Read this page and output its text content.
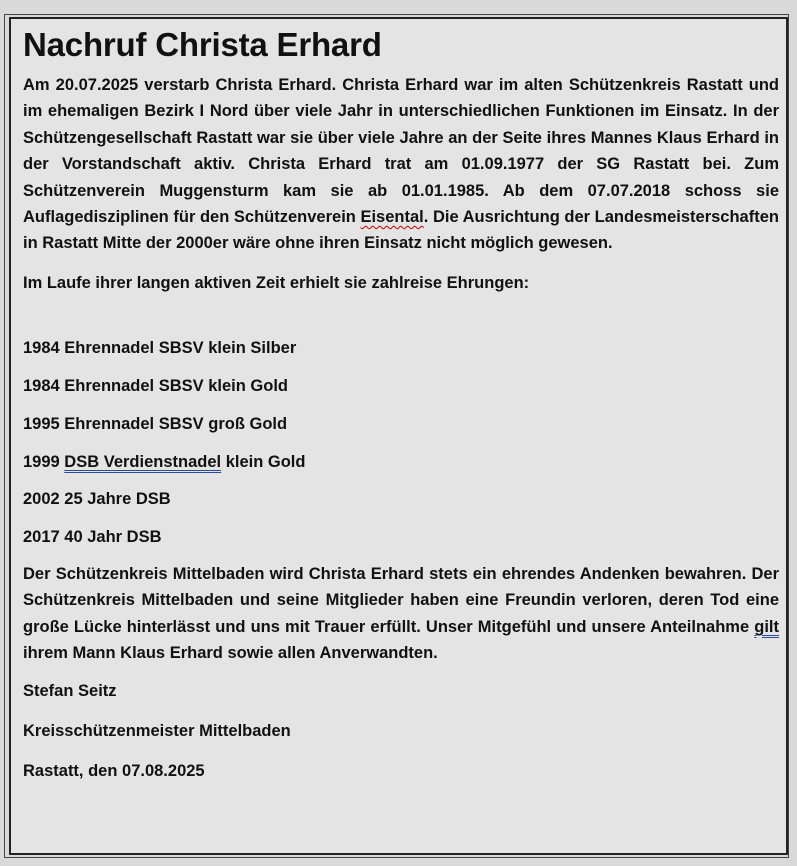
Nachruf Christa Erhard

Am 20.07.2025 verstarb Christa Erhard. Christa Erhard war im alten Schützenkreis Rastatt und im ehemaligen Bezirk I Nord über viele Jahr in unterschiedlichen Funktionen im Einsatz. In der Schützengesellschaft Rastatt war sie über viele Jahre an der Seite ihres Mannes Klaus Erhard in der Vorstandschaft aktiv. Christa Erhard trat am 01.09.1977 der SG Rastatt bei. Zum Schützenverein Muggensturm kam sie ab 01.01.1985. Ab dem 07.07.2018 schoss sie Auflagedisziplinen für den Schützenverein Eisental. Die Ausrichtung der Landesmeisterschaften in Rastatt Mitte der 2000er wäre ohne ihren Einsatz nicht möglich gewesen.

Im Laufe ihrer langen aktiven Zeit erhielt sie zahlreise Ehrungen:

1984 Ehrennadel SBSV klein Silber

1984 Ehrennadel SBSV klein Gold

1995 Ehrennadel SBSV groß Gold

1999 DSB Verdienstnadel klein Gold

2002 25 Jahre DSB

2017 40 Jahr DSB

Der Schützenkreis Mittelbaden wird Christa Erhard stets ein ehrendes Andenken bewahren. Der Schützenkreis Mittelbaden und seine Mitglieder haben eine Freundin verloren, deren Tod eine große Lücke hinterlässt und uns mit Trauer erfüllt. Unser Mitgefühl und unsere Anteilnahme gilt ihrem Mann Klaus Erhard sowie allen Anverwandten.

Stefan Seitz

Kreisschützenmeister Mittelbaden

Rastatt, den 07.08.2025
